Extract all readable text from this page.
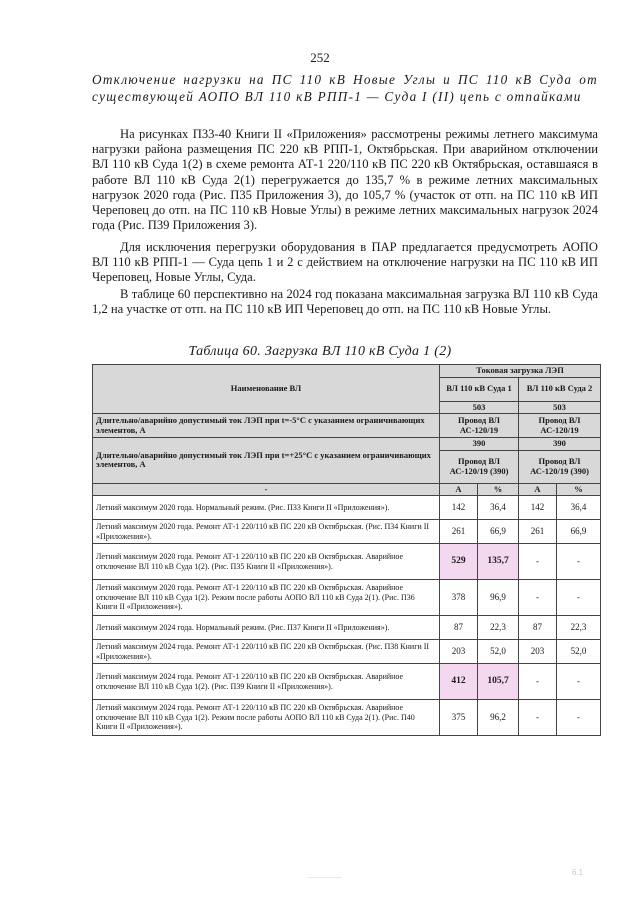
252
Отключение нагрузки на ПС 110 кВ Новые Углы и ПС 110 кВ Суда от существующей АОПО ВЛ 110 кВ РПП-1 — Суда I (II) цепь с отпайками

На рисунках П33-40 Книги II «Приложения» рассмотрены режимы летнего максимума нагрузки района размещения ПС 220 кВ РПП-1, Октябрьская. При аварийном отключении ВЛ 110 кВ Суда 1(2) в схеме ремонта АТ-1 220/110 кВ ПС 220 кВ Октябрьская, оставшаяся в работе ВЛ 110 кВ Суда 2(1) перегружается до 135,7 % в режиме летних максимальных нагрузок 2020 года (Рис. П35 Приложения 3), до 105,7 % (участок от отп. на ПС 110 кВ ИП Череповец до отп. на ПС 110 кВ Новые Углы) в режиме летних максимальных нагрузок 2024 года (Рис. П39 Приложения 3).

Для исключения перегрузки оборудования в ПАР предлагается предусмотреть АОПО ВЛ 110 кВ РПП-1 — Суда цепь 1 и 2 с действием на отключение нагрузки на ПС 110 кВ ИП Череповец, Новые Углы, Суда.

В таблице 60 перспективно на 2024 год показана максимальная загрузка ВЛ 110 кВ Суда 1,2 на участке от отп. на ПС 110 кВ ИП Череповец до отп. на ПС 110 кВ Новые Углы.

Таблица 60. Загрузка ВЛ 110 кВ Суда 1 (2)
Наименование ВЛ	Токовая загрузка ЛЭП			
	ВЛ 110 кВ Суда 1		ВЛ 110 кВ Суда 2	
	503		503	
Длительно/аварийно допустимый ток ЛЭП при t=-5°С с указанием ограничивающих элементов, А	Провод ВЛ АС-120/19		Провод ВЛ АС-120/19	
Длительно/аварийно допустимый ток ЛЭП при t=+25°С с указанием ограничивающих элементов, А	390		390	
	Провод ВЛ АС-120/19 (390)		Провод ВЛ АС-120/19 (390)	
-	А	%	А	%
Летний максимум 2020 года. Нормальный режим. (Рис. П33 Книги II «Приложения»).	142	36,4	142	36,4
Летний максимум 2020 года. Ремонт АТ-1 220/110 кВ ПС 220 кВ Октябрьская. (Рис. П34 Книги II «Приложения»).	261	66,9	261	66,9
Летний максимум 2020 года. Ремонт АТ-1 220/110 кВ ПС 220 кВ Октябрьская. Аварийное отключение ВЛ 110 кВ Суда 1(2). (Рис. П35 Книги II «Приложения»).	529	135,7	-	-
Летний максимум 2020 года. Ремонт АТ-1 220/110 кВ ПС 220 кВ Октябрьская. Аварийное отключение ВЛ 110 кВ Суда 1(2). Режим после работы АОПО ВЛ 110 кВ Суда 2(1). (Рис. П36 Книги II «Приложения»).	378	96,9	-	-
Летний максимум 2024 года. Нормальный режим. (Рис. П37 Книги II «Приложения»).	87	22,3	87	22,3
Летний максимум 2024 года. Ремонт АТ-1 220/110 кВ ПС 220 кВ Октябрьская. (Рис. П38 Книги II «Приложения»).	203	52,0	203	52,0
Летний максимум 2024 года. Ремонт АТ-1 220/110 кВ ПС 220 кВ Октябрьская. Аварийное отключение ВЛ 110 кВ Суда 1(2). (Рис. П39 Книги II «Приложения»).	412	105,7	-	-
Летний максимум 2024 года. Ремонт АТ-1 220/110 кВ ПС 220 кВ Октябрьская. Аварийное отключение ВЛ 110 кВ Суда 1(2). Режим после работы АОПО ВЛ 110 кВ Суда 2(1). (Рис. П40 Книги II «Приложения»).	375	96,2	-	-
6.1
